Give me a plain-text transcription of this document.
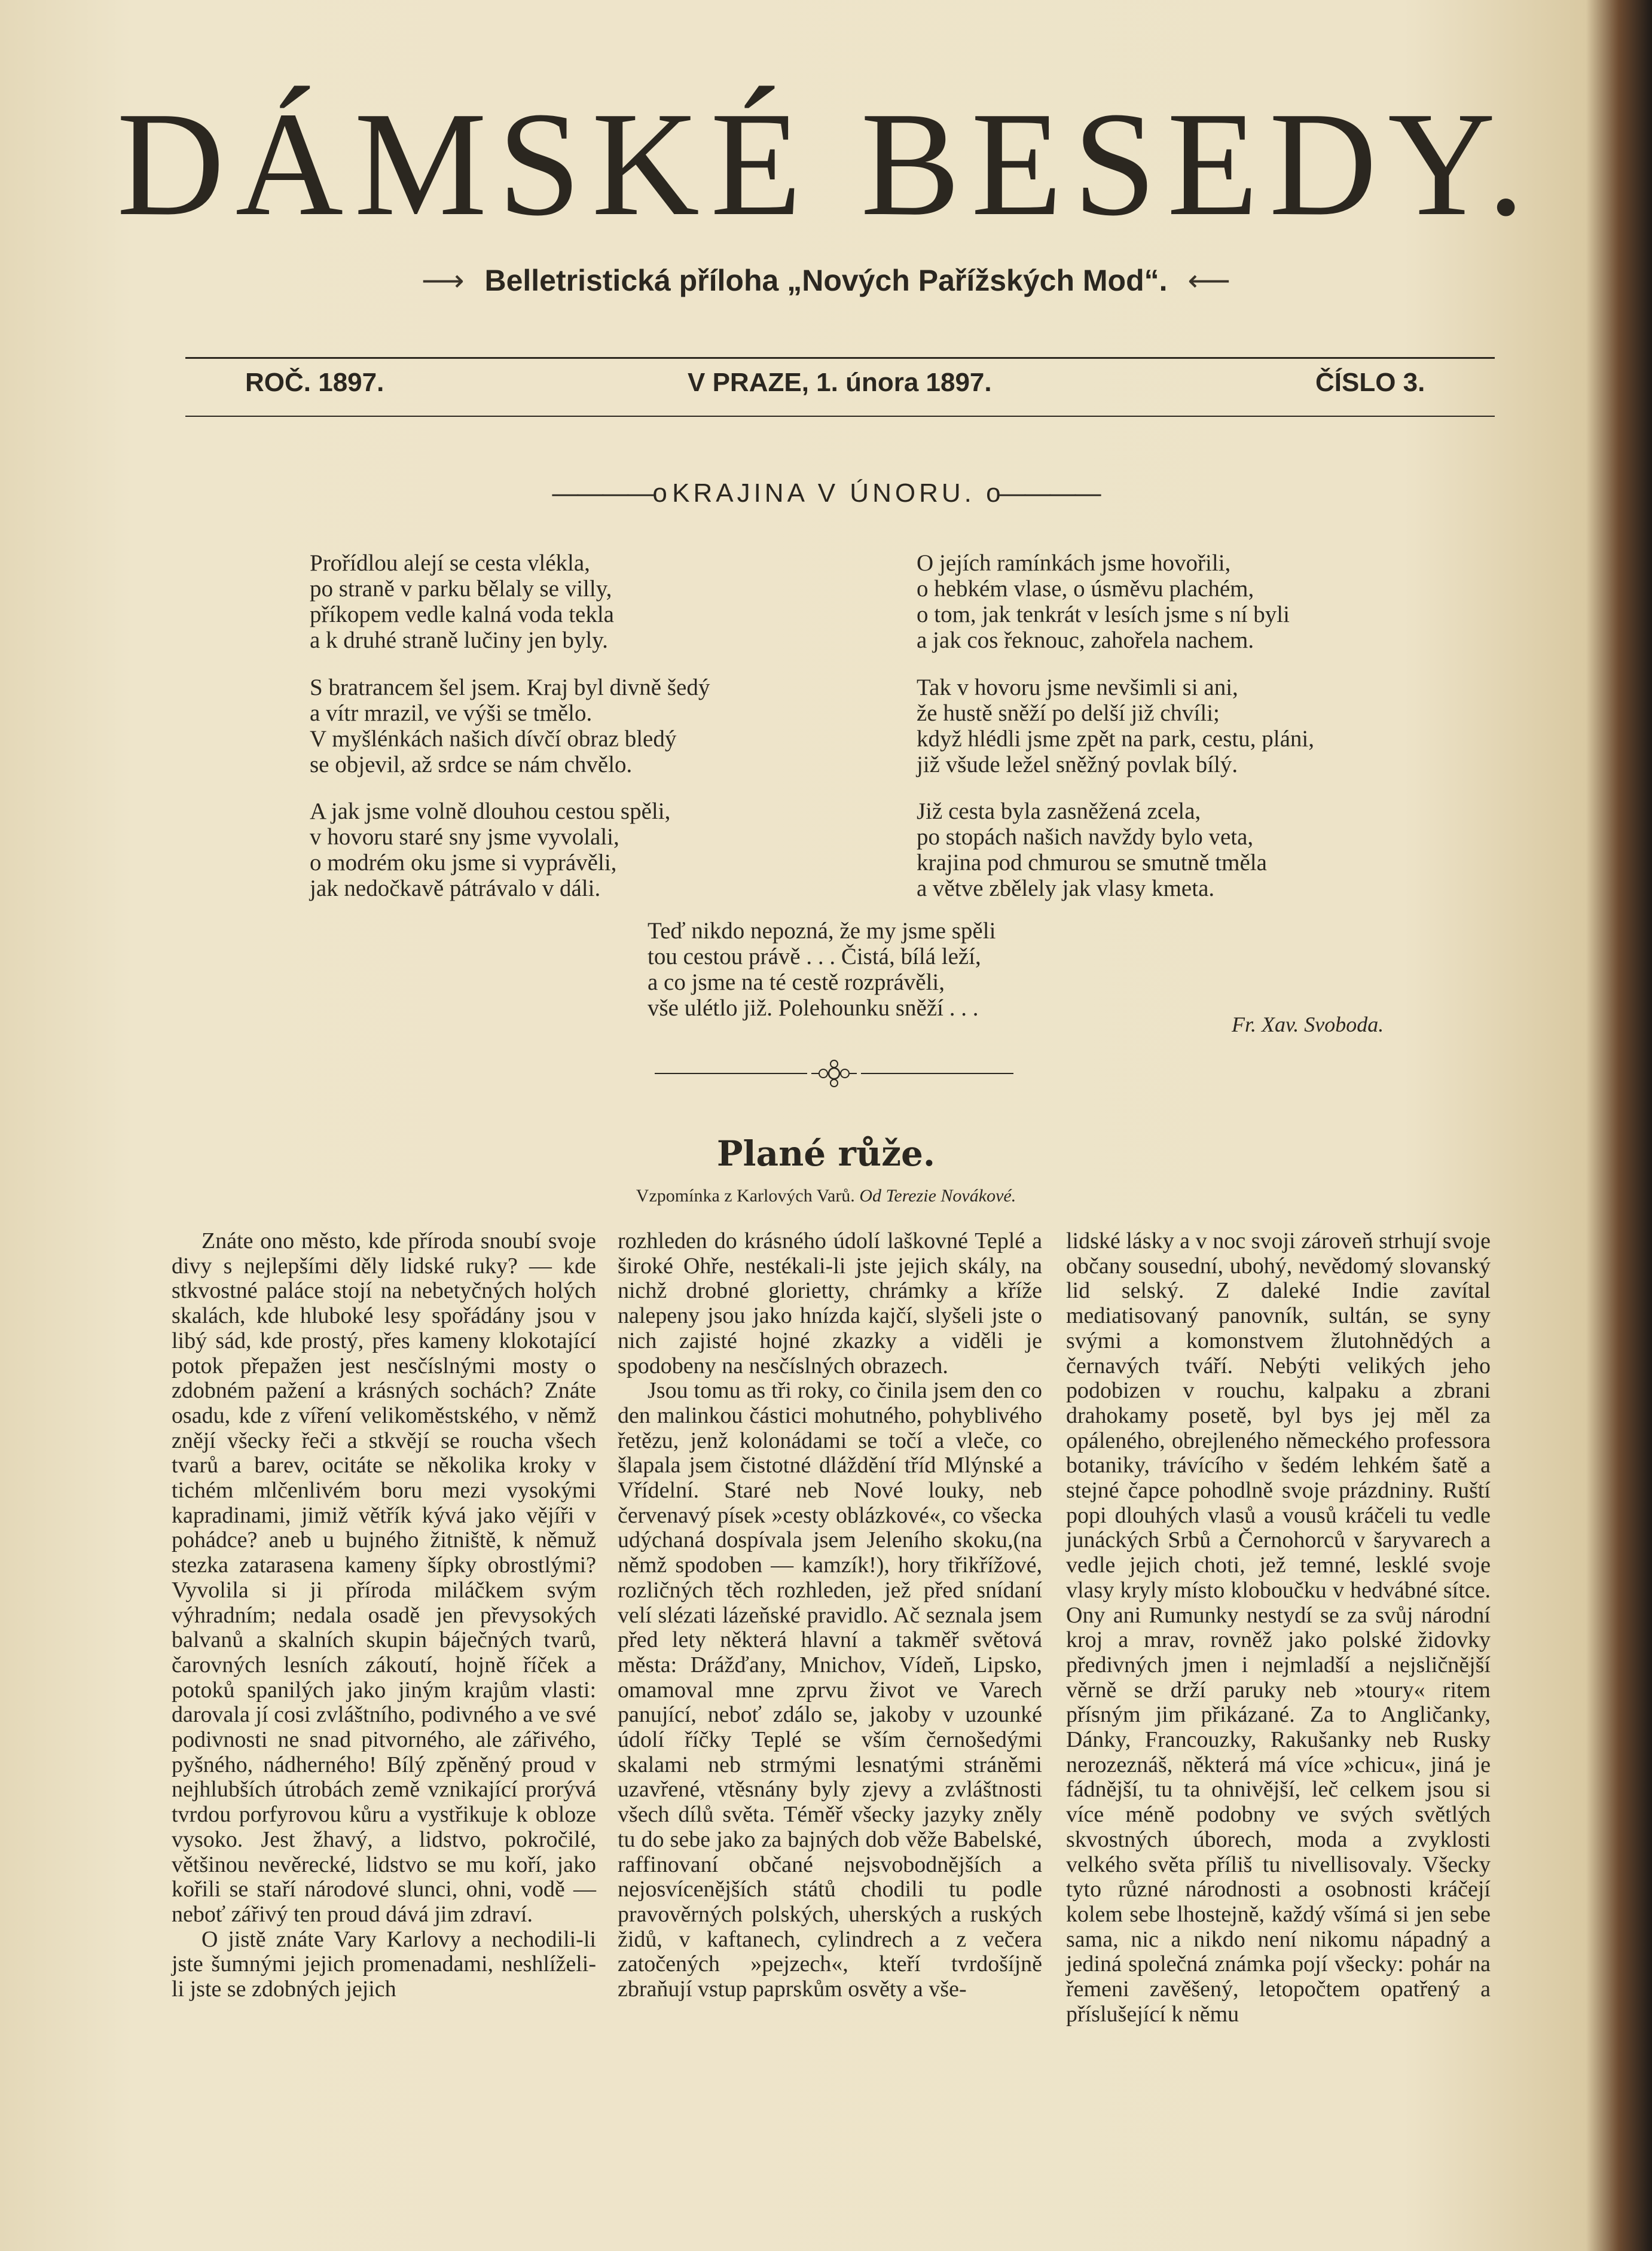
DÁMSKÉ BESEDY.
⟶ Belletristická příloha „Nových Pařížských Mod“. ⟵
ROČ. 1897.	V PRAZE, 1. února 1897.	ČÍSLO 3.
————o KRAJINA V ÚNORU. o————
Prořídlou alejí se cesta vlékla,
po straně v parku bělaly se villy,
příkopem vedle kalná voda tekla
a k druhé straně lučiny jen byly.
S bratrancem šel jsem. Kraj byl divně šedý
a vítr mrazil, ve výši se tmělo.
V myšlénkách našich dívčí obraz bledý
se objevil, až srdce se nám chvělo.
A jak jsme volně dlouhou cestou spěli,
v hovoru staré sny jsme vyvolali,
o modrém oku jsme si vyprávěli,
jak nedočkavě pátrávalo v dáli.
O jejích ramínkách jsme hovořili,
o hebkém vlase, o úsměvu plachém,
o tom, jak tenkrát v lesích jsme s ní byli
a jak cos řeknouc, zahořela nachem.
Tak v hovoru jsme nevšimli si ani,
že hustě sněží po delší již chvíli;
když hlédli jsme zpět na park, cestu, pláni,
již všude ležel sněžný povlak bílý.
Již cesta byla zasněžená zcela,
po stopách našich navždy bylo veta,
krajina pod chmurou se smutně tměla
a větve zbělely jak vlasy kmeta.
Teď nikdo nepozná, že my jsme spěli
tou cestou právě . . . Čistá, bílá leží,
a co jsme na té cestě rozprávěli,
vše ulétlo již. Polehounku sněží . . .
Fr. Xav. Svoboda.
Plané růže.
Vzpomínka z Karlových Varů. Od Terezie Novákové.

Znáte ono město, kde příroda snoubí svoje divy s nejlepšími děly lidské ruky? — kde stkvostné paláce stojí na nebetyčných holých skalách, kde hluboké lesy spořádány jsou v libý sád, kde prostý, přes kameny klokotající potok přepažen jest nesčíslnými mosty o zdobném pažení a krásných sochách? Znáte osadu, kde z víření velikoměstského, v němž znějí všecky řeči a stkvějí se roucha všech tvarů a barev, ocitáte se několika kroky v tichém mlčenlivém boru mezi vysokými kapradinami, jimiž větřík kývá jako vějíři v pohádce? aneb u bujného žitniště, k němuž stezka zatarasena kameny šípky obrostlými? Vyvolila si ji příroda miláčkem svým výhradním; nedala osadě jen převysokých balvanů a skalních skupin báječných tvarů, čarovných lesních zákoutí, hojně říček a potoků spanilých jako jiným krajům vlasti: darovala jí cosi zvláštního, podivného a ve své podivnosti ne snad pitvorného, ale zářivého, pyšného, nádherného! Bílý zpěněný proud v nejhlubších útrobách země vznikající prorývá tvrdou porfyrovou kůru a vystřikuje k obloze vysoko. Jest žhavý, a lidstvo, pokročilé, většinou nevěrecké, lidstvo se mu koří, jako kořili se staří národové slunci, ohni, vodě — neboť zářivý ten proud dává jim zdraví.

O jistě znáte Vary Karlovy a nechodili-li jste šumnými jejich promenadami, neshlíželi-li jste se zdobných jejich

rozhleden do krásného údolí laškovné Teplé a široké Ohře, nestékali-li jste jejich skály, na nichž drobné glorietty, chrámky a kříže nalepeny jsou jako hnízda kajčí, slyšeli jste o nich zajisté hojné zkazky a viděli je spodobeny na nesčíslných obrazech.

Jsou tomu as tři roky, co činila jsem den co den malinkou částici mohutného, pohyblivého řetězu, jenž kolonádami se točí a vleče, co šlapala jsem čistotné dláždění tříd Mlýnské a Vřídelní. Staré neb Nové louky, neb červenavý písek »cesty oblázkové«, co všecka udýchaná dospívala jsem Jeleního skoku,(na němž spodoben — kamzík!), hory třikřížové, rozličných těch rozhleden, jež před snídaní velí slézati lázeňské pravidlo. Ač seznala jsem před lety některá hlavní a takměř světová města: Drážďany, Mnichov, Vídeň, Lipsko, omamoval mne zprvu život ve Varech panující, neboť zdálo se, jakoby v uzounké údolí říčky Teplé se vším černošedými skalami neb strmými lesnatými stráněmi uzavřené, vtěsnány byly zjevy a zvláštnosti všech dílů světa. Téměř všecky jazyky zněly tu do sebe jako za bajných dob věže Babelské, raffinovaní občané nejsvobodnějších a nejosvícenějších států chodili tu podle pravověrných polských, uherských a ruských židů, v kaftanech, cylindrech a z večera zatočených »pejzech«, kteří tvrdošíjně zbraňují vstup paprskům osvěty a vše-

lidské lásky a v noc svoji zároveň strhují svoje občany sousední, ubohý, nevědomý slovanský lid selský. Z daleké Indie zavítal mediatisovaný panovník, sultán, se syny svými a komonstvem žlutohnědých a černavých tváří. Nebýti velikých jeho podobizen v rouchu, kalpaku a zbrani drahokamy posetě, byl bys jej měl za opáleného, obrejleného německého professora botaniky, trávícího v šedém lehkém šatě a stejné čapce pohodlně svoje prázdniny. Ruští popi dlouhých vlasů a vousů kráčeli tu vedle junáckých Srbů a Černohorců v šaryvarech a vedle jejich choti, jež temné, lesklé svoje vlasy kryly místo kloboučku v hedvábné sítce. Ony ani Rumunky nestydí se za svůj národní kroj a mrav, rovněž jako polské židovky předivných jmen i nejmladší a nejsličnější věrně se drží paruky neb »toury« ritem přísným jim přikázané. Za to Angličanky, Dánky, Francouzky, Rakušanky neb Rusky nerozeznáš, některá má více »chicu«, jiná je fádnější, tu ta ohnivější, leč celkem jsou si více méně podobny ve svých světlých skvostných úborech, moda a zvyklosti velkého světa příliš tu nivellisovaly. Všecky tyto různé národnosti a osobnosti kráčejí kolem sebe lhostejně, každý všímá si jen sebe sama, nic a nikdo není nikomu nápadný a jediná společná známka pojí všecky: pohár na řemeni zavěšený, letopočtem opatřený a příslušející k němu
